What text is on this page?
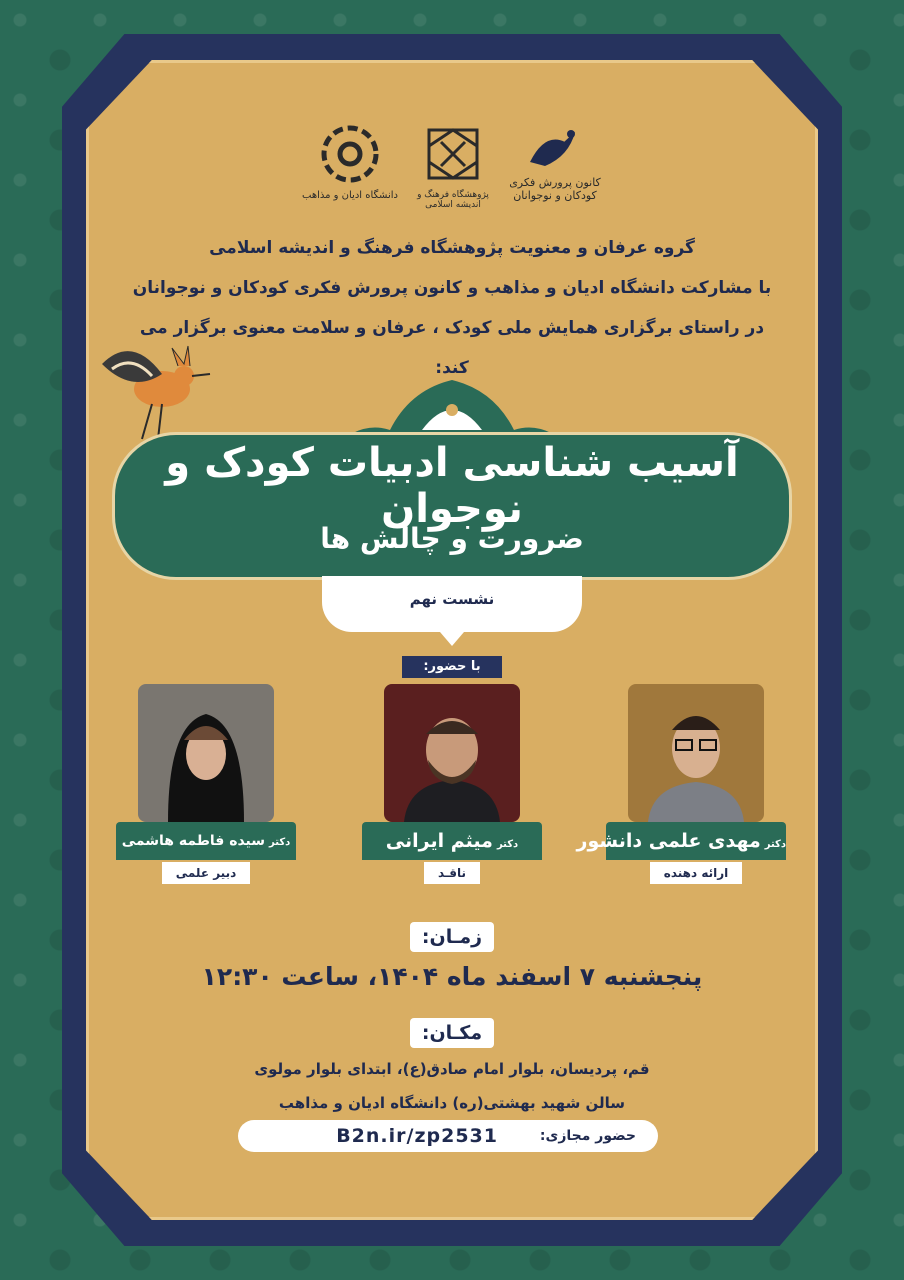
کانون پرورش فکری
کودکان و نوجوانان
پژوهشگاه فرهنگ و اندیشه اسلامی
دانشگاه ادیان و مذاهب
گروه عرفان و معنویت پژوهشگاه فرهنگ و اندیشه اسلامی
با مشارکت دانشگاه ادیان و مذاهب و کانون پرورش فکری کودکان و نوجوانان
در راستای برگزاری همایش ملی کودک ، عرفان و سلامت معنوی برگزار می کند:
آسیب شناسی ادبیات کودک و نوجوان
ضرورت و چالش ها
نشست نهم
با حضور:
دکترسیده فاطمه هاشمی
دبیر علمی
دکترمیثم ایرانی
ناقـد
دکترمهدی علمی دانشور
ارائه دهنده
زمـان:
پنجشنبه ۷ اسفند ماه ۱۴۰۴، ساعت ۱۲:۳۰
مکـان:
قم، پردیسان، بلوار امام صادق(ع)، ابتدای بلوار مولوی
سالن شهید بهشتی(ره) دانشگاه ادیان و مذاهب
حضور مجازی:
B2n.ir/zp2531
